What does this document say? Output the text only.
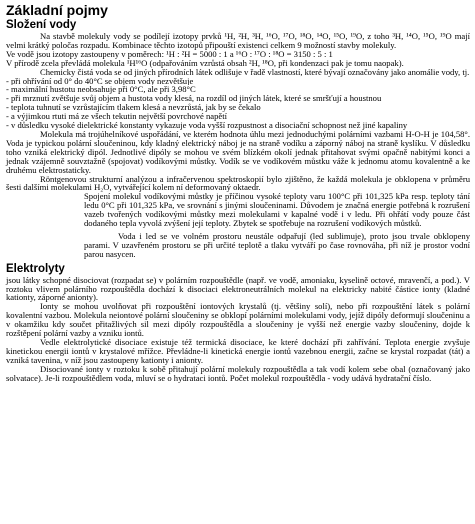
Základní pojmy
Složení vody

Na stavbě molekuly vody se podílejí izotopy prvků ¹H, ²H, ³H, ¹⁶O, ¹⁷O, ¹⁸O, ¹⁴O, ¹⁵O, ¹⁹O, z toho ³H, ¹⁴O, ¹⁵O, ¹⁹O mají velmi krátký poločas rozpadu. Kombinace těchto izotopů připouští existenci celkem 9 možností stavby molekuly.

Ve vodě jsou izotopy zastoupeny v poměrech: ¹H : ²H = 5000 : 1 a ¹⁶O : ¹⁷O : ¹⁸O = 3150 : 5 : 1

V přírodě zcela převládá molekula ¹H¹⁶O (odpařováním vzrůstá obsah ²H, ¹⁸O, při kondenzaci pak je tomu naopak).

Chemicky čistá voda se od jiných přírodních látek odlišuje v řadě vlastností, které bývají označovány jako anomálie vody, tj.

- při ohřívání od 0° do 40°C se objem vody nezvětšuje

- maximální hustotu neobsahuje při 0°C, ale při 3,98°C

- při mrznutí zvětšuje svůj objem a hustota vody klesá, na rozdíl od jiných látek, které se smršťují a houstnou

- teplota tuhnutí se vzrůstajícím tlakem klesá a nevzrůstá, jak by se čekalo

- a výjimkou rtuti má ze všech tekutin největší povrchové napětí

- v důsledku vysoké dielektrické konstanty vykazuje voda vyšší rozpustnost a disociační schopnost než jiné kapaliny

Molekula má trojúhelníkové uspořádání, ve kterém hodnota úhlu mezi jednoduchými polárními vazbami H-O-H je 104,58°. Voda je typickou polární sloučeninou, kdy kladný elektrický náboj je na straně vodíku a záporný náboj na straně kyslíku. V důsledku toho vzniká elektrický dipól. Jednotlivé dipóly se mohou ve svém blízkém okolí jednak přitahovat svými opačně nabitými konci a jednak vzájemně souvztažně (spojovat) vodíkovými můstky. Vodík se ve vodíkovém můstku váže k jednomu atomu kovalentně a ke druhému elektrostaticky.

Röntgenovou strukturní analýzou a infračervenou spektroskopií bylo zjištěno, že každá molekula je obklopena v průměru šesti dalšími molekulami H₂O, vytvářející kolem ní deformovaný oktaedr.

Spojení molekul vodíkovými můstky je příčinou vysoké teploty varu 100°C při 101,325 kPa resp. teploty tání ledu 0°C při 101,325 kPa, ve srovnání s jinými sloučeninami. Důvodem je značná energie potřebná k rozrušení vazeb tvořených vodíkovými můstky mezi molekulami v kapalné vodě i v ledu. Při ohřátí vody pouze část dodaného tepla vyvolá zvýšení její teploty. Zbytek se spotřebuje na rozrušení vodíkových můstků.

Voda i led se ve volném prostoru neustále odpařují (led sublimuje), proto jsou trvale obklopeny parami. V uzavřeném prostoru se při určité teplotě a tlaku vytváří po čase rovnováha, při níž je prostor vodní parou nasycen.

Elektrolyty

jsou látky schopné disociovat (rozpadat se) v polárním rozpouštědle (např. ve vodě, amoniaku, kyselině octové, mravenčí, a pod.). V roztoku vlivem polárního rozpouštědla dochází k disociaci elektroneutrálních molekul na elektricky nabité částice ionty (kladné kationty, záporné anionty).

Ionty se mohou uvolňovat při rozpouštění iontových krystalů (tj. většiny solí), nebo při rozpouštění látek s polární kovalentní vazbou. Molekula neiontové polární sloučeniny se obklopí polárními molekulami vody, jejíž dipóly deformují sloučeninu a v okamžiku kdy součet přitažlivých sil mezi dipóly rozpouštědla a sloučeniny je vyšší než energie vazby sloučeniny, dojde k rozštěpení polární vazby a vzniku iontů.

Vedle elektrolytické disociace existuje též termická disociace, ke které dochází při zahřívání. Teplota energie zvyšuje kinetickou energii iontů v krystalové mřížce. Převládne-li kinetická energie iontů vazebnou energii, začne se krystal rozpadat (tát) a vzniká tavenina, v níž jsou zastoupeny kationty i anionty.

Disociované ionty v roztoku k sobě přitahují polární molekuly rozpouštědla a tak vodí kolem sebe obal (označovaný jako solvatace). Je-li rozpouštědlem voda, mluví se o hydrataci iontů. Počet molekul rozpouštědla - vody udává hydratační číslo.
